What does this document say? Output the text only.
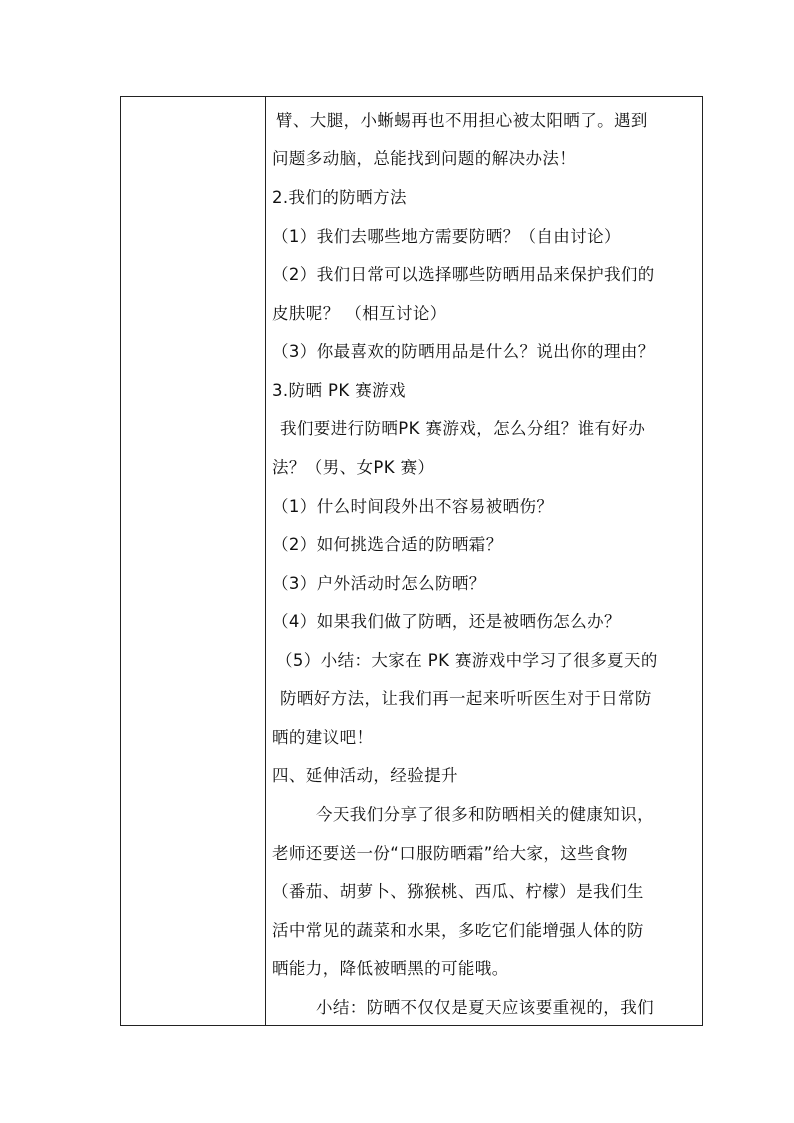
臂、大腿，小蜥蜴再也不用担心被太阳晒了。遇到
问题多动脑，总能找到问题的解决办法！
2.我们的防晒方法
（1）我们去哪些地方需要防晒？（自由讨论）
（2）我们日常可以选择哪些防晒用品来保护我们的
皮肤呢？ （相互讨论）
（3）你最喜欢的防晒用品是什么？说出你的理由？
3.防晒 PK 赛游戏
我们要进行防晒PK 赛游戏，怎么分组？谁有好办
法？（男、女PK 赛）
（1）什么时间段外出不容易被晒伤？
（2）如何挑选合适的防晒霜？
（3）户外活动时怎么防晒？
（4）如果我们做了防晒，还是被晒伤怎么办？
（5）小结：大家在 PK 赛游戏中学习了很多夏天的
防晒好方法，让我们再一起来听听医生对于日常防
晒的建议吧！
四、延伸活动，经验提升
今天我们分享了很多和防晒相关的健康知识，
老师还要送一份“口服防晒霜”给大家，这些食物
（番茄、胡萝卜、猕猴桃、西瓜、柠檬）是我们生
活中常见的蔬菜和水果，多吃它们能增强人体的防
晒能力，降低被晒黑的可能哦。
小结：防晒不仅仅是夏天应该要重视的，我们
